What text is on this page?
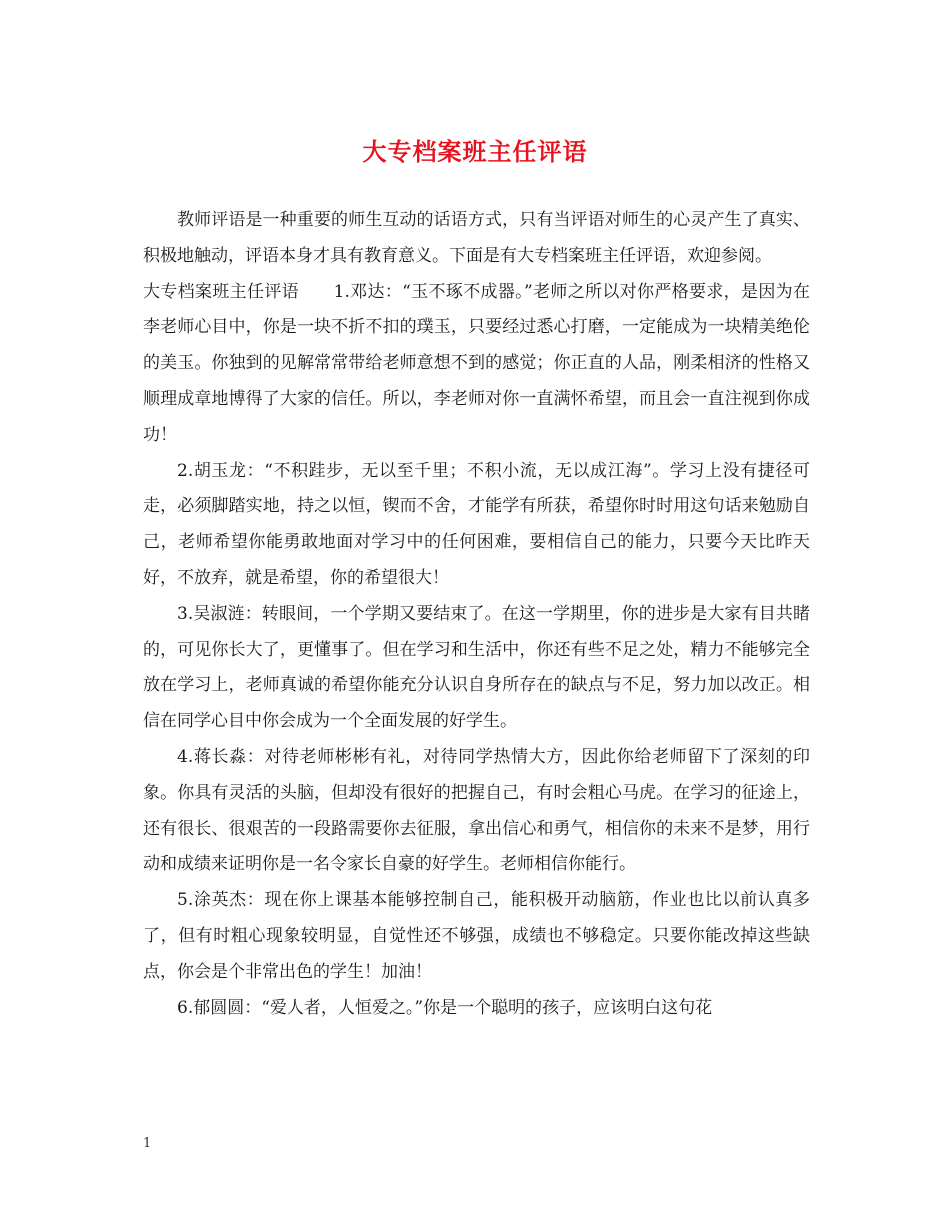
大专档案班主任评语

教师评语是一种重要的师生互动的话语方式，只有当评语对师生的心灵产生了真实、积极地触动，评语本身才具有教育意义。下面是有大专档案班主任评语，欢迎参阅。

大专档案班主任评语　　1.邓达：“玉不琢不成器。”老师之所以对你严格要求，是因为在李老师心目中，你是一块不折不扣的璞玉，只要经过悉心打磨，一定能成为一块精美绝伦的美玉。你独到的见解常常带给老师意想不到的感觉；你正直的人品，刚柔相济的性格又顺理成章地博得了大家的信任。所以，李老师对你一直满怀希望，而且会一直注视到你成功！

2.胡玉龙：“不积跬步，无以至千里；不积小流，无以成江海”。学习上没有捷径可走，必须脚踏实地，持之以恒，锲而不舍，才能学有所获，希望你时时用这句话来勉励自己，老师希望你能勇敢地面对学习中的任何困难，要相信自己的能力，只要今天比昨天好，不放弃，就是希望，你的希望很大！

3.吴淑涟：转眼间，一个学期又要结束了。在这一学期里，你的进步是大家有目共睹的，可见你长大了，更懂事了。但在学习和生活中，你还有些不足之处，精力不能够完全放在学习上，老师真诚的希望你能充分认识自身所存在的缺点与不足，努力加以改正。相信在同学心目中你会成为一个全面发展的好学生。

4.蒋长淼：对待老师彬彬有礼，对待同学热情大方，因此你给老师留下了深刻的印象。你具有灵活的头脑，但却没有很好的把握自己，有时会粗心马虎。在学习的征途上，还有很长、很艰苦的一段路需要你去征服，拿出信心和勇气，相信你的未来不是梦，用行动和成绩来证明你是一名令家长自豪的好学生。老师相信你能行。

5.涂英杰：现在你上课基本能够控制自己，能积极开动脑筋，作业也比以前认真多了，但有时粗心现象较明显，自觉性还不够强，成绩也不够稳定。只要你能改掉这些缺点，你会是个非常出色的学生！加油！

6.郁圆圆：“爱人者，人恒爱之。”你是一个聪明的孩子，应该明白这句花

1
